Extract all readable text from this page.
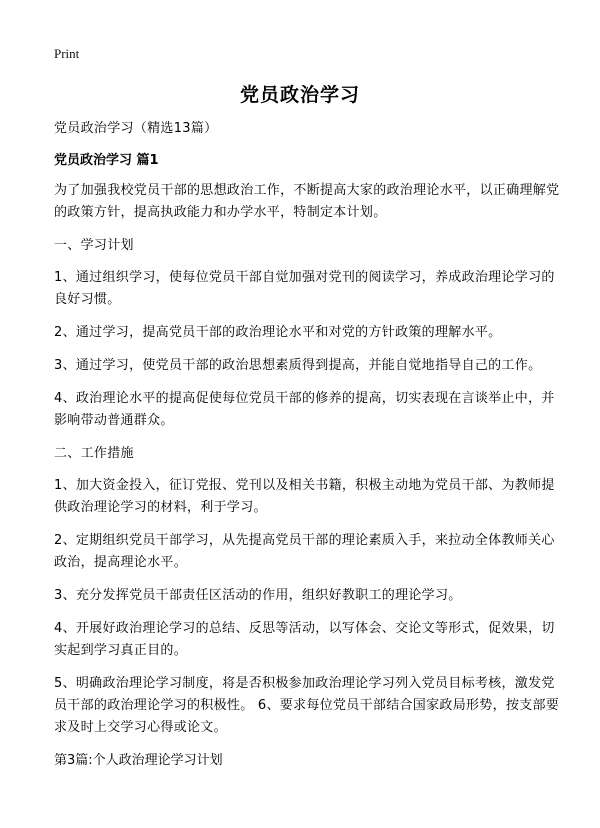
Print
党员政治学习

党员政治学习（精选13篇）

党员政治学习 篇1

为了加强我校党员干部的思想政治工作，不断提高大家的政治理论水平，以正确理解党的政策方针，提高执政能力和办学水平，特制定本计划。

一、学习计划

1、通过组织学习，使每位党员干部自觉加强对党刊的阅读学习，养成政治理论学习的良好习惯。

2、通过学习，提高党员干部的政治理论水平和对党的方针政策的理解水平。

3、通过学习，使党员干部的政治思想素质得到提高，并能自觉地指导自己的工作。

4、政治理论水平的提高促使每位党员干部的修养的提高，切实表现在言谈举止中，并影响带动普通群众。

二、工作措施

1、加大资金投入，征订党报、党刊以及相关书籍，积极主动地为党员干部、为教师提供政治理论学习的材料，利于学习。

2、定期组织党员干部学习，从先提高党员干部的理论素质入手，来拉动全体教师关心政治，提高理论水平。

3、充分发挥党员干部责任区活动的作用，组织好教职工的理论学习。

4、开展好政治理论学习的总结、反思等活动，以写体会、交论文等形式，促效果，切实起到学习真正目的。

5、明确政治理论学习制度，将是否积极参加政治理论学习列入党员目标考核，激发党员干部的政治理论学习的积极性。 6、要求每位党员干部结合国家政局形势，按支部要求及时上交学习心得或论文。

第3篇:个人政治理论学习计划
